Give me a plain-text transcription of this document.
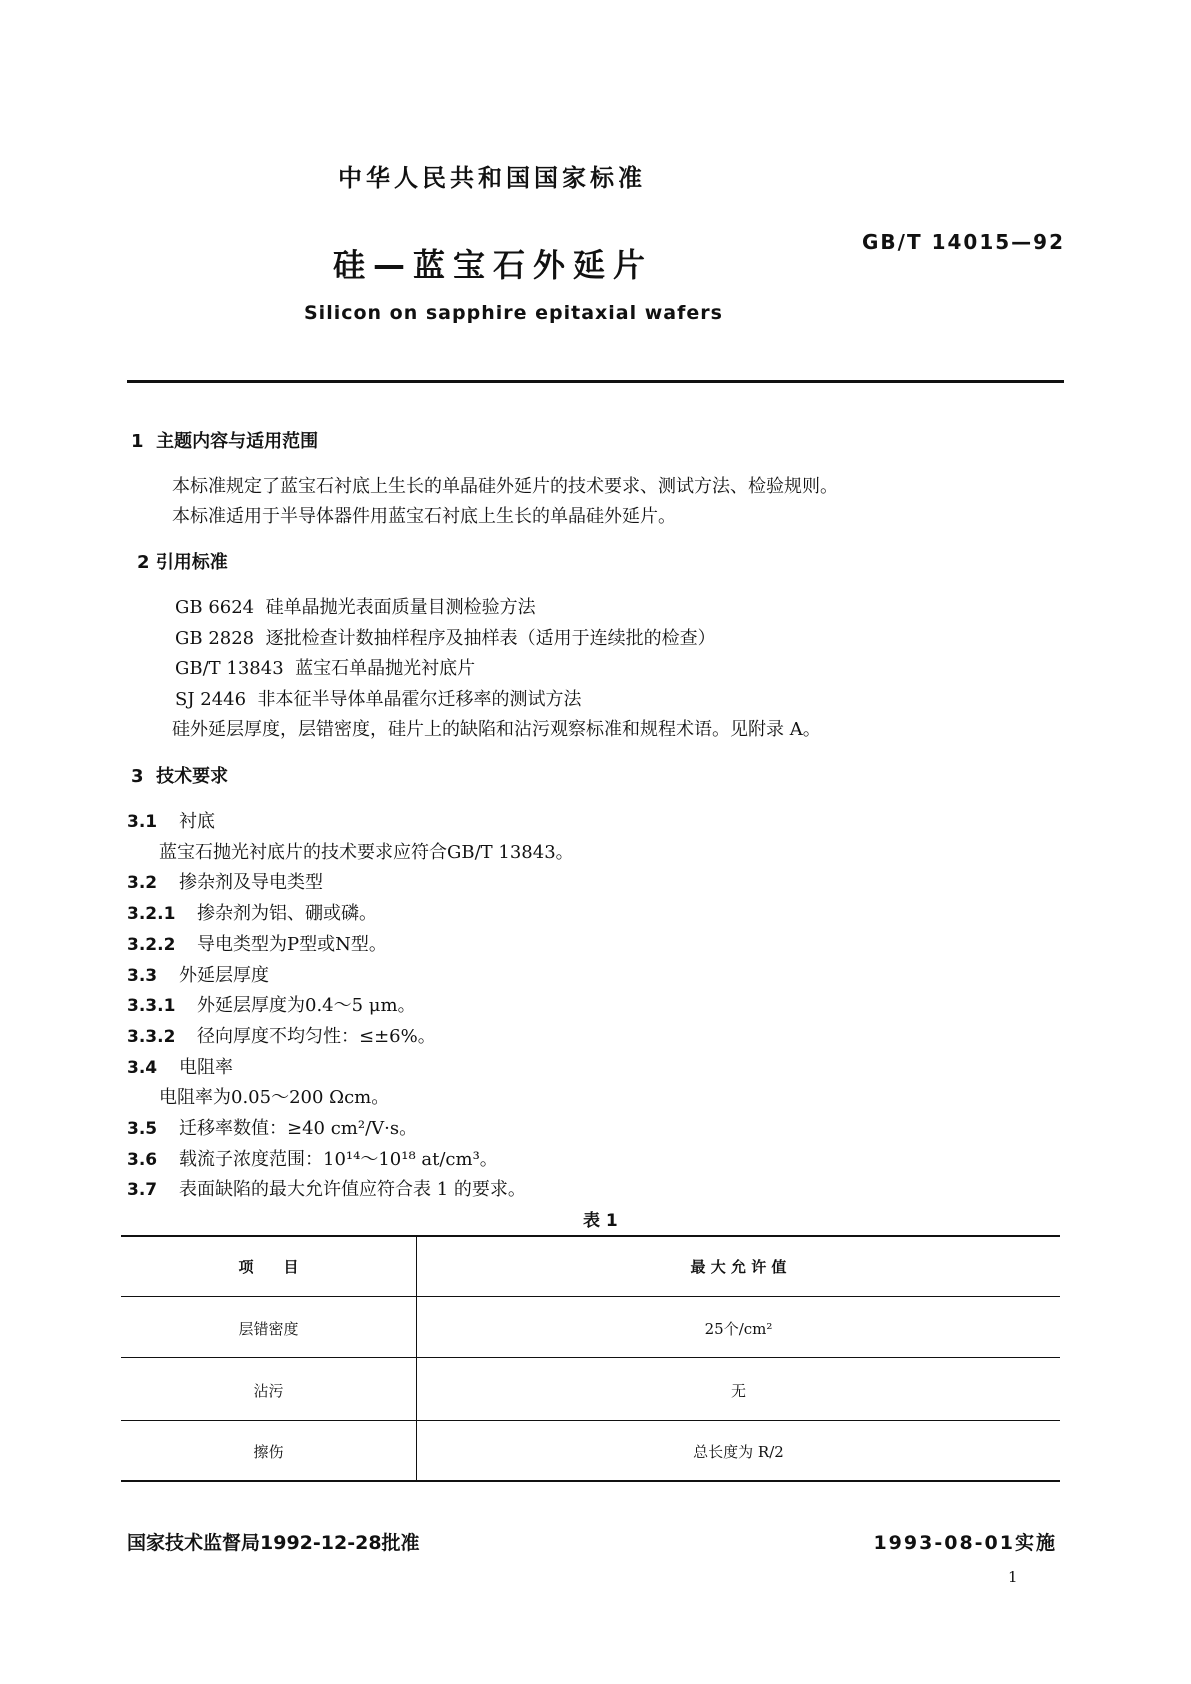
中华人民共和国国家标准
硅—蓝宝石外延片
GB/T 14015—92
Silicon on sapphire epitaxial wafers
1 主题内容与适用范围
本标准规定了蓝宝石衬底上生长的单晶硅外延片的技术要求、测试方法、检验规则。
本标准适用于半导体器件用蓝宝石衬底上生长的单晶硅外延片。
2 引用标准
GB 6624 硅单晶抛光表面质量目测检验方法
GB 2828 逐批检查计数抽样程序及抽样表（适用于连续批的检查）
GB/T 13843 蓝宝石单晶抛光衬底片
SJ 2446 非本征半导体单晶霍尔迁移率的测试方法
硅外延层厚度，层错密度，硅片上的缺陷和沾污观察标准和规程术语。见附录 A。
3 技术要求
3.1 衬底
蓝宝石抛光衬底片的技术要求应符合GB/T 13843。
3.2 掺杂剂及导电类型
3.2.1 掺杂剂为铝、硼或磷。
3.2.2 导电类型为P型或N型。
3.3 外延层厚度
3.3.1 外延层厚度为0.4～5 μm。
3.3.2 径向厚度不均匀性：≤±6%。
3.4 电阻率
电阻率为0.05～200 Ωcm。
3.5 迁移率数值：≥40 cm²/V·s。
3.6 载流子浓度范围：10¹⁴～10¹⁸ at/cm³。
3.7 表面缺陷的最大允许值应符合表 1 的要求。
表 1
项　　目	最 大 允 许 值
层错密度	25个/cm²
沾污	无
擦伤	总长度为 R/2
国家技术监督局1992-12-28批准	1993-08-01实施
1
